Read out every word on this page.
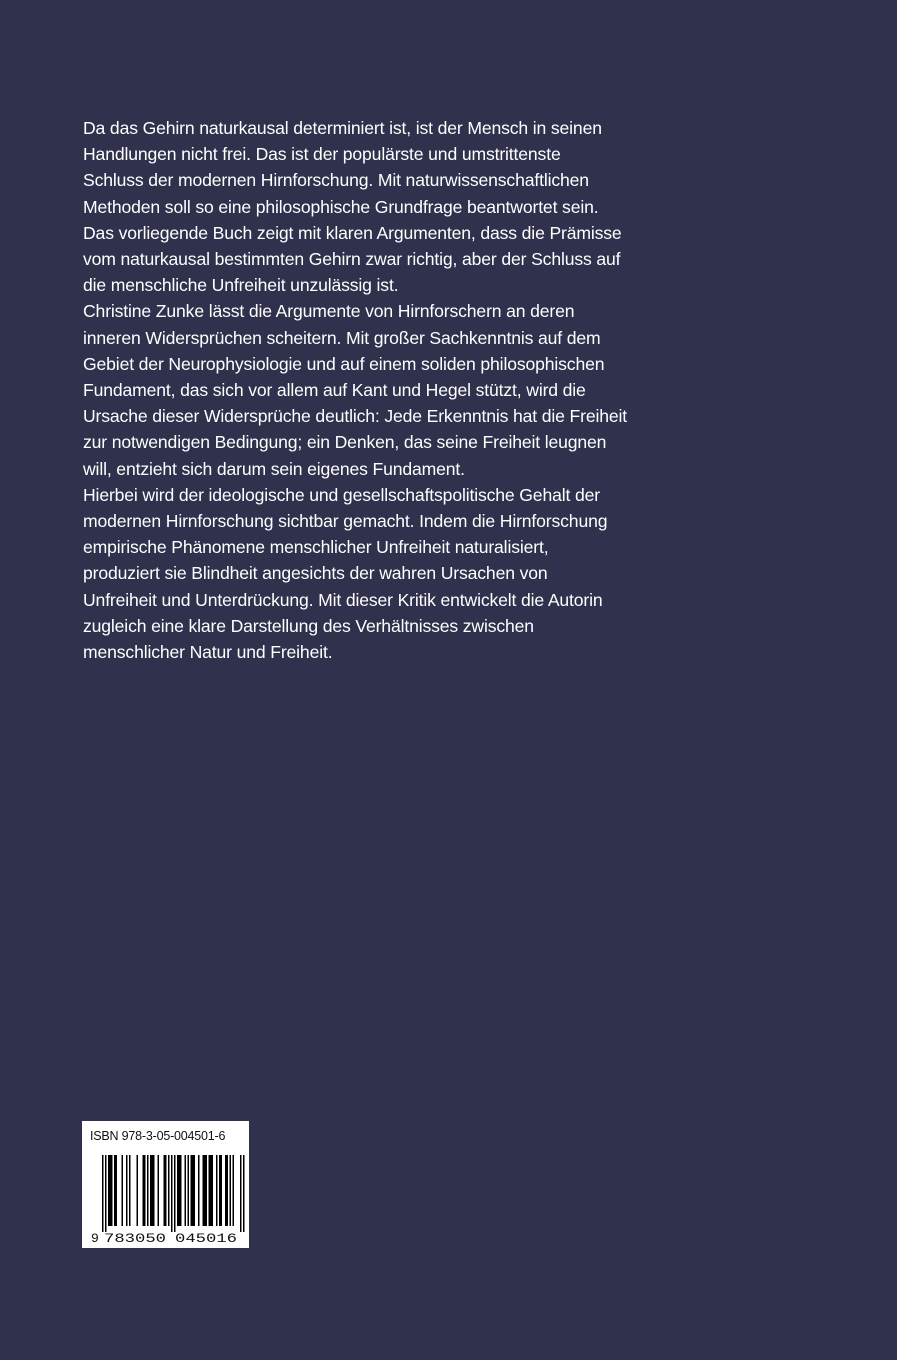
Da das Gehirn naturkausal determiniert ist, ist der Mensch in seinen
Handlungen nicht frei. Das ist der populärste und umstrittenste
Schluss der modernen Hirnforschung. Mit naturwissenschaftlichen
Methoden soll so eine philosophische Grundfrage beantwortet sein.
Das vorliegende Buch zeigt mit klaren Argumenten, dass die Prämisse
vom naturkausal bestimmten Gehirn zwar richtig, aber der Schluss auf
die menschliche Unfreiheit unzulässig ist.

Christine Zunke lässt die Argumente von Hirnforschern an deren
inneren Widersprüchen scheitern. Mit großer Sachkenntnis auf dem
Gebiet der Neurophysiologie und auf einem soliden philosophischen
Fundament, das sich vor allem auf Kant und Hegel stützt, wird die
Ursache dieser Widersprüche deutlich: Jede Erkenntnis hat die Freiheit
zur notwendigen Bedingung; ein Denken, das seine Freiheit leugnen
will, entzieht sich darum sein eigenes Fundament.

Hierbei wird der ideologische und gesellschaftspolitische Gehalt der
modernen Hirnforschung sichtbar gemacht. Indem die Hirnforschung
empirische Phänomene menschlicher Unfreiheit naturalisiert,
produziert sie Blindheit angesichts der wahren Ursachen von
Unfreiheit und Unterdrückung. Mit dieser Kritik entwickelt die Autorin
zugleich eine klare Darstellung des Verhältnisses zwischen
menschlicher Natur und Freiheit.

ISBN 978-3-05-004501-6
9 783050 045016
